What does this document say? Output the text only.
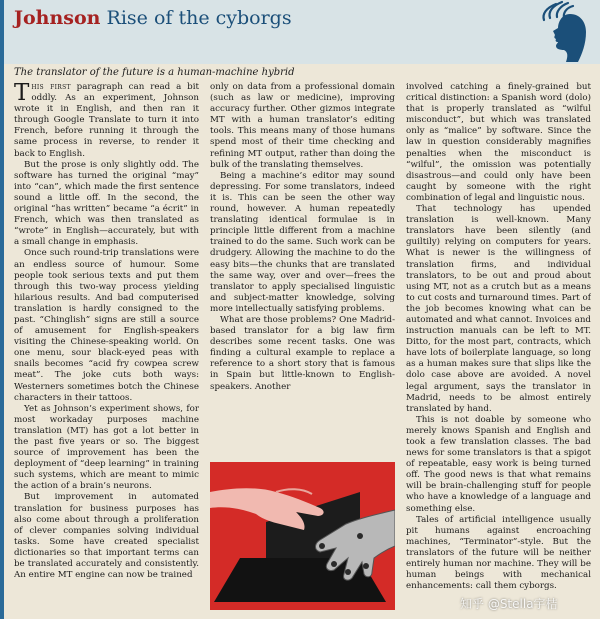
Johnson Rise of the cyborgs
The translator of the future is a human-machine hybrid

This first paragraph can read a bit oddly. As an experiment, Johnson wrote it in English, and then ran it through Google Translate to turn it into French, before running it through the same process in reverse, to render it back to English.

But the prose is only slightly odd. The software has turned the original “may” into “can”, which made the first sentence sound a little off. In the second, the original “has written” became “a écrit” in French, which was then translated as “wrote” in English—accurately, but with a small change in emphasis.

Once such round-trip translations were an endless source of humour. Some people took serious texts and put them through this two-way process yielding hilarious results. And bad computerised translation is hardly consigned to the past. “Chinglish” signs are still a source of amusement for English-speakers visiting the Chinese-speaking world. On one menu, sour black-eyed peas with snails becomes “acid fry cowpea screw meat”. The joke cuts both ways: Westerners sometimes botch the Chinese characters in their tattoos.

Yet as Johnson’s experiment shows, for most workaday purposes machine translation (MT) has got a lot better in the past five years or so. The biggest source of improvement has been the deployment of “deep learning” in training such systems, which are meant to mimic the action of a brain’s neurons.

But improvement in automated translation for business purposes has also come about through a proliferation of clever companies solving individual tasks. Some have created specialist dictionaries so that important terms can be translated accurately and consistently. An entire MT engine can now be trained

only on data from a professional domain (such as law or medicine), improving accuracy further. Other gizmos integrate MT with a human translator’s editing tools. This means many of those humans spend most of their time checking and refining MT output, rather than doing the bulk of the translating themselves.

Being a machine’s editor may sound depressing. For some translators, indeed it is. This can be seen the other way round, however. A human repeatedly translating identical formulae is in principle little different from a machine trained to do the same. Such work can be drudgery. Allowing the machine to do the easy bits—the chunks that are translated the same way, over and over—frees the translator to apply specialised linguistic and subject-matter knowledge, solving more intellectually satisfying problems.

What are those problems? One Madrid-based translator for a big law firm describes some recent tasks. One was finding a cultural example to replace a reference to a short story that is famous in Spain but little-known to English-speakers. Another

involved catching a finely-grained but critical distinction: a Spanish word (dolo) that is properly translated as “wilful misconduct”, but which was translated only as “malice” by software. Since the law in question considerably magnifies penalties when the misconduct is “wilful”, the omission was potentially disastrous—and could only have been caught by someone with the right combination of legal and linguistic nous.

That technology has upended translation is well-known. Many translators have been silently (and guiltily) relying on computers for years. What is newer is the willingness of translation firms, and individual translators, to be out and proud about using MT, not as a crutch but as a means to cut costs and turnaround times. Part of the job becomes knowing what can be automated and what cannot. Invoices and instruction manuals can be left to MT. Ditto, for the most part, contracts, which have lots of boilerplate language, so long as a human makes sure that slips like the dolo case above are avoided. A novel legal argument, says the translator in Madrid, needs to be almost entirely translated by hand.

This is not doable by someone who merely knows Spanish and English and took a few translation classes. The bad news for some translators is that a spigot of repeatable, easy work is being turned off. The good news is that what remains will be brain-challenging stuff for people who have a knowledge of a language and something else.

Tales of artificial intelligence usually pit humans against encroaching machines, “Terminator”-style. But the translators of the future will be neither entirely human nor machine. They will be human beings with mechanical enhancements: call them cyborgs.

知乎 @Stella宇桔
